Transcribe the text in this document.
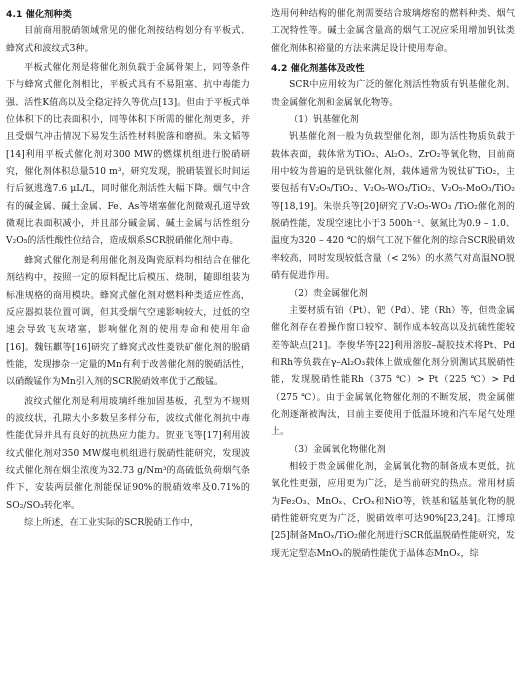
4.1 催化剂种类

目前商用脱硝领域常见的催化剂按结构划分有平板式、蜂窝式和波纹式3种。

平板式催化剂是将催化剂负载于金属骨架上，同等条件下与蜂窝式催化剂相比，平板式具有不易阻塞、抗中毒能力强、活性K值高以及全稳定持久等优点[13]。但由于平板式单位体积下的比表面积小，同等体积下所需的催化剂更多，并且受烟气冲击情况下易发生活性材料脱落和磨损。朱文韬等[14]利用平板式催化剂对300 MW的燃煤机组进行脱硝研究，催化剂体积总量510 m³，研究发现，脱硝装置长时间运行后氨逃逸7.6 μL/L，同时催化剂活性大幅下降。烟气中含有的碱金属、碱土金属、Fe、As等堵塞催化剂微观孔道导致微观比表面积减小，并且部分碱金属、碱土金属与活性组分V₂O₅的活性酸性位结合，造成烟系SCR脱硝催化剂中毒。

蜂窝式催化剂是利用催化剂及陶瓷原料均相结合在催化剂结构中，按照一定的原料配比后模压、烧制，随即组装为标准规格的商用模块。蜂窝式催化剂对燃料种类适应性高，反应器拟装位置可调，但其受烟气空速影响较大，过低的空速会导致飞灰堵塞，影响催化剂的使用寿命和使用年命[16]。魏钰麒等[16]研究了蜂窝式改性菱铁矿催化剂的脱硝性能，发现掺杂一定量的Mn有利于改善催化剂的脱硝活性，以硝酸锰作为Mn引入剂的SCR脱硝效率优于乙酸锰。

波纹式催化剂是利用玻璃纤维加固基板，孔型为不规则的波纹状，孔隙大小多数呈多样分布，波纹式催化剂抗中毒性能优异并具有良好的抗热应力能力。贺亚飞等[17]利用波纹式催化剂对350 MW煤电机组进行脱硝性能研究，发现波纹式催化剂在烟尘浓度为32.73 g/Nm³的高硫低负荷烟气条件下，安装两层催化剂能保证90%的脱硝效率及0.71%的SO₂/SO₃转化率。

综上所述，在工业实际的SCR脱硝工作中，

选用何种结构的催化剂需要结合玻璃熔窑的燃料种类、烟气工况特性等。碱土金属含量高的烟气工况应采用增加钒钛类催化剂体积裕量的方法来满足设计使用寿命。

4.2 催化剂基体及改性

SCR中应用较为广泛的催化剂活性物质有钒基催化剂、贵金属催化剂和金属氧化物等。

（1）钒基催化剂

钒基催化剂一般为负载型催化剂，即为活性物质负载于载体表面，载体常为TiO₂、Al₂O₃、ZrO₂等氧化物，目前商用中较为普遍的是钒钛催化剂，载体通常为锐钛矿TiO₂，主要包括有V₂O₅/TiO₂、V₂O₅-WO₃/TiO₂、V₂O₅-MoO₃/TiO₂等[18,19]。朱崇兵等[20]研究了V₂O₅-WO₃ /TiO₂催化剂的脱硝性能，发现空速比小于3 500h⁻¹、氨氮比为0.9 – 1.0、温度为320 – 420 ℃的烟气工况下催化剂的综合SCR脱硝效率较高，同时发现较低含量（< 2%）的水蒸气对高温NO脱硝有促进作用。

（2）贵金属催化剂

主要材质有铂（Pt）、钯（Pd）、铑（Rh）等，但贵金属催化剂存在着操作窗口较窄、制作成本较高以及抗硫性能较差等缺点[21]。李俊华等[22]利用溶胶–凝胶技术将Pt、Pd和Rh等负载在γ–Al₂O₃载体上做成催化剂分别测试其脱硝性能，发现脱硝性能Rh（375 ℃）> Pt（225 ℃）> Pd（275 ℃）。由于金属氧化物催化剂的不断发展，贵金属催化剂逐渐被淘汰，目前主要使用于低温环境和汽车尾气处理上。

（3）金属氧化物催化剂

相较于贵金属催化剂，金属氧化物的制备成本更低，抗氧化性更强，应用更为广泛，是当前研究的热点。常用材质为Fe₂O₃、MnOₓ、CrOₓ和NiO等，铁基和锰基氧化物的脱硝性能研究更为广泛，脱硝效率可达90%[23,24]。江博琼[25]制备MnOₓ/TiO₂催化剂进行SCR低温脱硝性能研究，发现无定型态MnOₓ的脱硝性能优于晶体态MnOₓ，综
